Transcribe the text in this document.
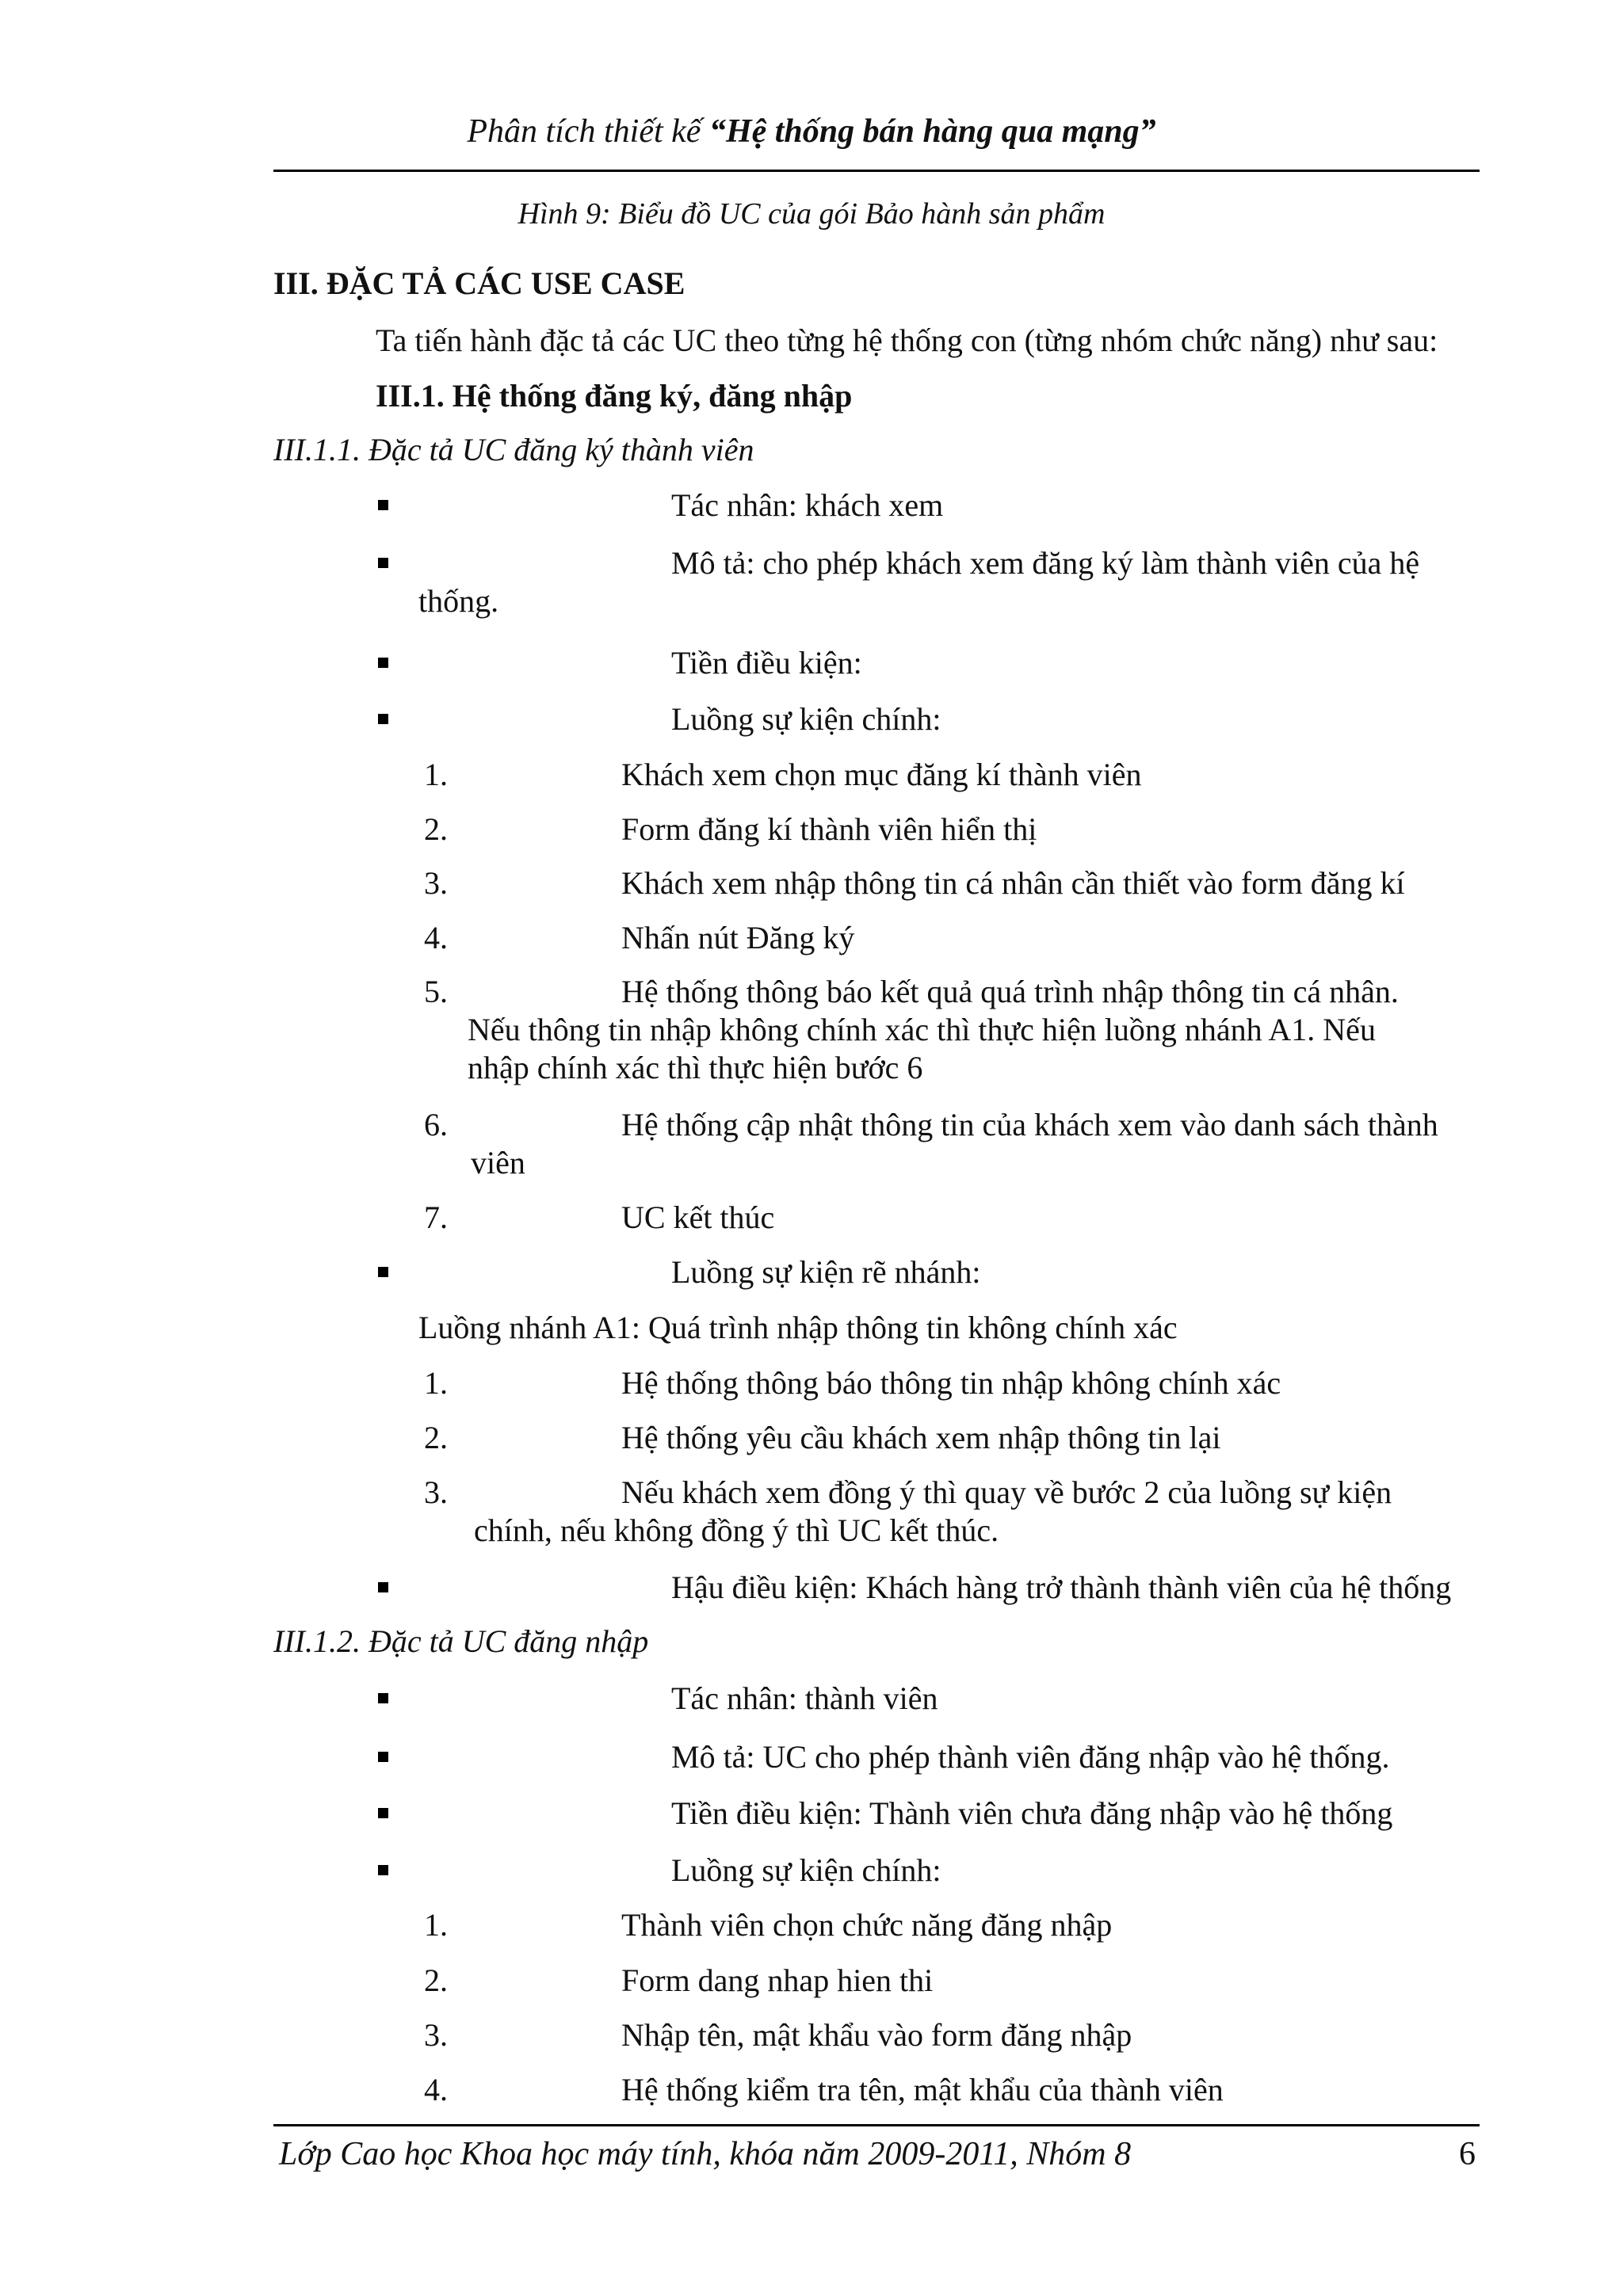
Phân tích thiết kế “Hệ thống bán hàng qua mạng”
Hình 9: Biểu đồ UC của gói Bảo hành sản phẩm
III. ĐẶC TẢ CÁC USE CASE
Ta tiến hành đặc tả các UC theo từng hệ thống con (từng nhóm chức năng) như sau:
III.1. Hệ thống đăng ký, đăng nhập
III.1.1. Đặc tả UC đăng ký thành viên
Tác nhân: khách xem
Mô tả: cho phép khách xem đăng ký làm thành viên của hệ
thống.
Tiền điều kiện:
Luồng sự kiện chính:
1.	Khách xem chọn mục đăng kí thành viên
2.	Form đăng kí thành viên hiển thị
3.	Khách xem nhập thông tin cá nhân cần thiết vào form đăng kí
4.	Nhấn nút Đăng ký
5.	Hệ thống thông báo kết quả quá trình nhập thông tin cá nhân.
Nếu thông tin nhập không chính xác thì thực hiện luồng nhánh A1. Nếu
nhập chính xác thì thực hiện bước 6
6.	Hệ thống cập nhật thông tin của khách xem vào danh sách thành
viên
7.	UC kết thúc
Luồng sự kiện rẽ nhánh:
Luồng nhánh A1: Quá trình nhập thông tin không chính xác
1.	Hệ thống thông báo thông tin nhập không chính xác
2.	Hệ thống yêu cầu khách xem nhập thông tin lại
3.	Nếu khách xem đồng ý thì quay về bước 2 của luồng sự kiện
chính, nếu không đồng ý thì UC kết thúc.
Hậu điều kiện: Khách hàng trở thành thành viên của hệ thống
III.1.2. Đặc tả UC đăng nhập
Tác nhân: thành viên
Mô tả: UC cho phép thành viên đăng nhập vào hệ thống.
Tiền điều kiện: Thành viên chưa đăng nhập vào hệ thống
Luồng sự kiện chính:
1.	Thành viên chọn chức năng đăng nhập
2.	Form dang nhap hien thi
3.	Nhập tên, mật khẩu vào form đăng nhập
4.	Hệ thống kiểm tra tên, mật khẩu của thành viên
Lớp Cao học Khoa học máy tính, khóa năm 2009-2011, Nhóm 8	6
